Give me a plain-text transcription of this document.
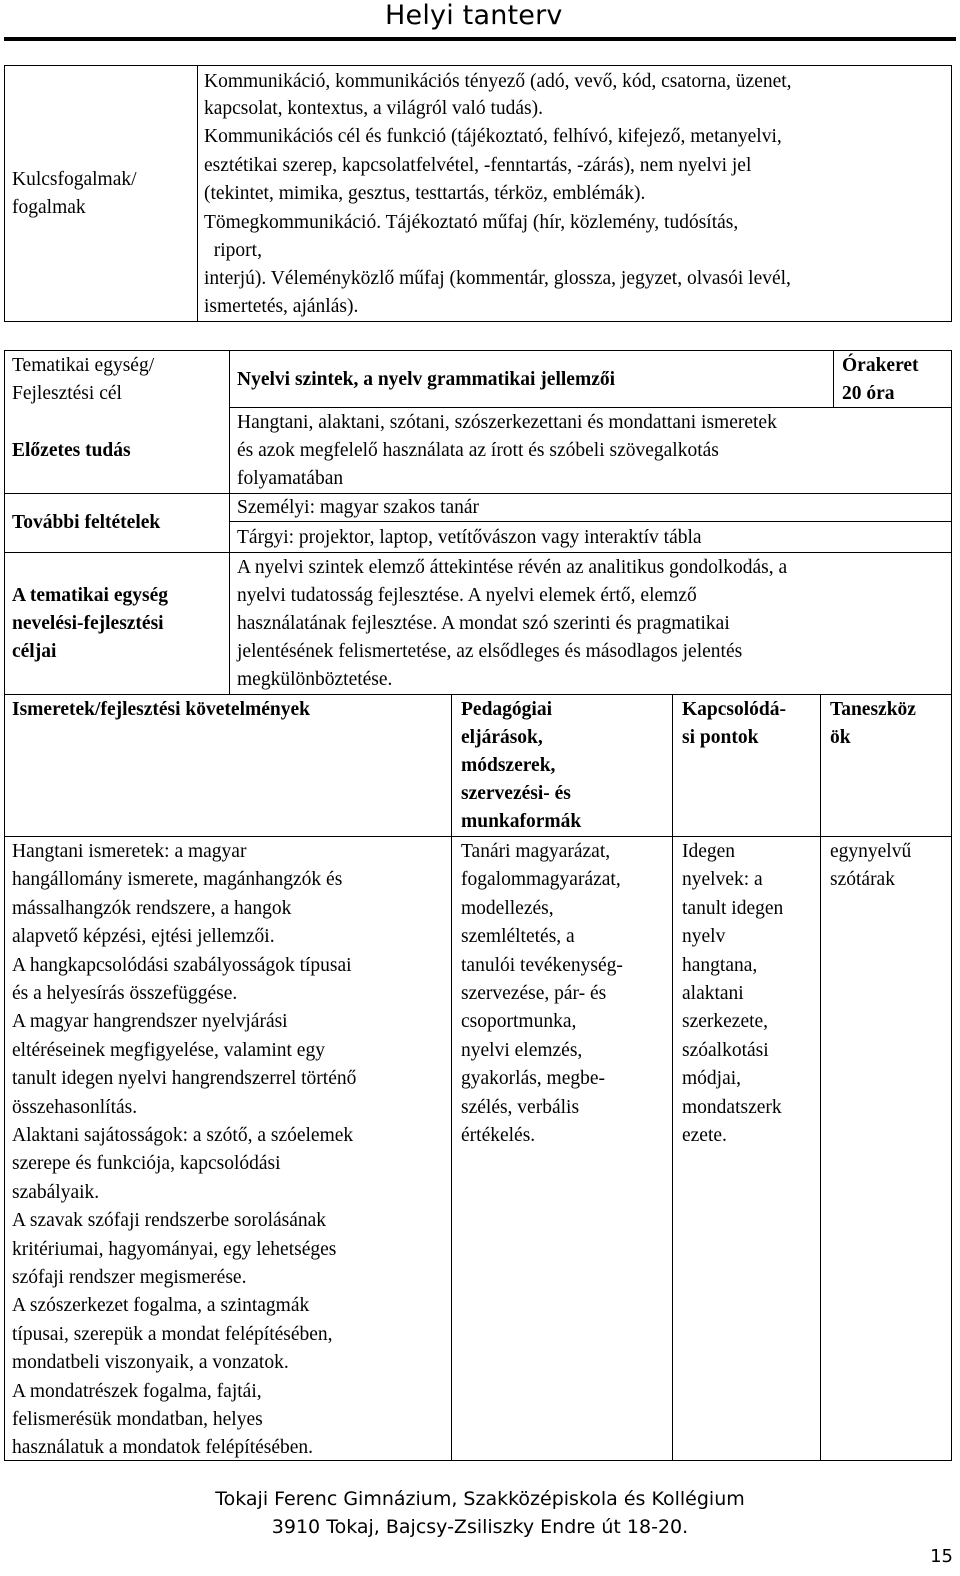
Helyi tanterv
Kulcsfogalmak/
fogalmak
Kommunikáció, kommunikációs tényező (adó, vevő, kód, csatorna, üzenet,
kapcsolat, kontextus, a világról való tudás).
Kommunikációs cél és funkció (tájékoztató, felhívó, kifejező, metanyelvi,
esztétikai szerep, kapcsolatfelvétel, -fenntartás, -zárás), nem nyelvi jel
(tekintet, mimika, gesztus, testtartás, térköz, emblémák).
Tömegkommunikáció. Tájékoztató műfaj (hír, közlemény, tudósítás,
riport,
interjú). Véleményközlő műfaj (kommentár, glossza, jegyzet, olvasói levél,
ismertetés, ajánlás).
Tematikai egység/
Fejlesztési cél
Nyelvi szintek, a nyelv grammatikai jellemzői
Órakeret
20 óra
Előzetes tudás
Hangtani, alaktani, szótani, szószerkezettani és mondattani ismeretek
és azok megfelelő használata az írott és szóbeli szövegalkotás
folyamatában
További feltételek
Személyi: magyar szakos tanár
Tárgyi: projektor, laptop, vetítővászon vagy interaktív tábla
A tematikai egység
nevelési-fejlesztési
céljai
A nyelvi szintek elemző áttekintése révén az analitikus gondolkodás, a
nyelvi tudatosság fejlesztése. A nyelvi elemek értő, elemző
használatának fejlesztése. A mondat szó szerinti és pragmatikai
jelentésének felismertetése, az elsődleges és másodlagos jelentés
megkülönböztetése.
Ismeretek/fejlesztési követelmények	Pedagógiai
eljárások,
módszerek,
szervezési- és
munkaformák
Kapcsolódá-
si pontok
Taneszköz
ök
Hangtani ismeretek: a magyar
hangállomány ismerete, magánhangzók és
mássalhangzók rendszere, a hangok
alapvető képzési, ejtési jellemzői.
A hangkapcsolódási szabályosságok típusai
és a helyesírás összefüggése.
A magyar hangrendszer nyelvjárási
eltéréseinek megfigyelése, valamint egy
tanult idegen nyelvi hangrendszerrel történő
összehasonlítás.
Alaktani sajátosságok: a szótő, a szóelemek
szerepe és funkciója, kapcsolódási
szabályaik.
A szavak szófaji rendszerbe sorolásának
kritériumai, hagyományai, egy lehetséges
szófaji rendszer megismerése.
A szószerkezet fogalma, a szintagmák
típusai, szerepük a mondat felépítésében,
mondatbeli viszonyaik, a vonzatok.
A mondatrészek fogalma, fajtái,
felismerésük mondatban, helyes
használatuk a mondatok felépítésében.
Tanári magyarázat,
fogalommagyarázat,
modellezés,
szemléltetés, a
tanulói tevékenység-
szervezése, pár- és
csoportmunka,
nyelvi elemzés,
gyakorlás, megbe-
szélés, verbális
értékelés.
Idegen
nyelvek: a
tanult idegen
nyelv
hangtana,
alaktani
szerkezete,
szóalkotási
módjai,
mondatszerk
ezete.
egynyelvű
szótárak
Tokaji Ferenc Gimnázium, Szakközépiskola és Kollégium
3910 Tokaj, Bajcsy-Zsiliszky Endre út 18-20.
15
